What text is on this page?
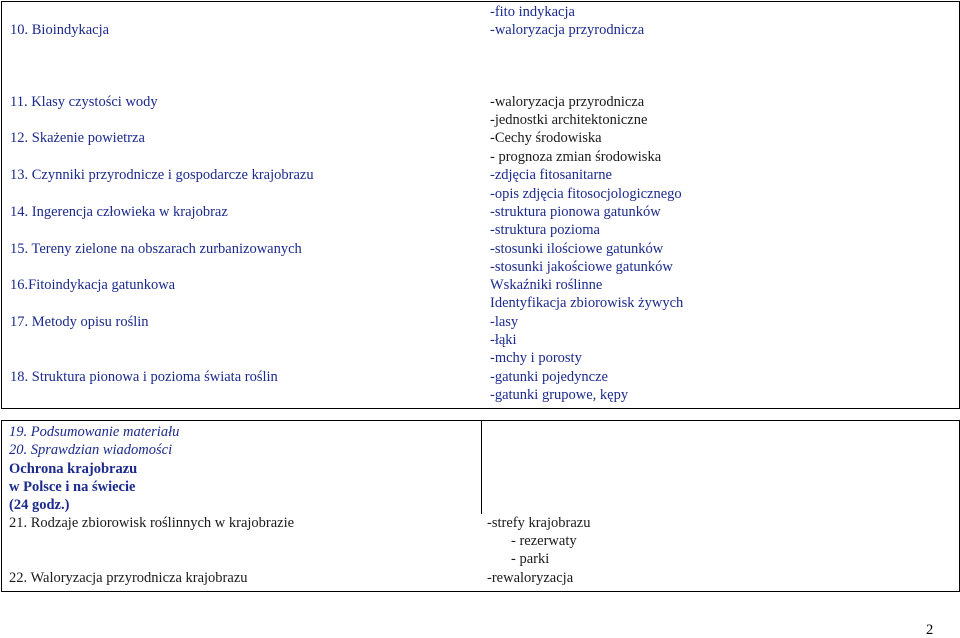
10. Bioindykacja
-fito indykacja
-waloryzacja przyrodnicza
11. Klasy czystości wody	-waloryzacja przyrodnicza
-jednostki architektoniczne
12. Skażenie powietrza	-Cechy środowiska
- prognoza zmian środowiska
13. Czynniki przyrodnicze i gospodarcze krajobrazu	-zdjęcia fitosanitarne
-opis zdjęcia fitosocjologicznego
14. Ingerencja człowieka w krajobraz	-struktura pionowa gatunków
-struktura pozioma
15. Tereny zielone na obszarach zurbanizowanych	-stosunki ilościowe gatunków
-stosunki jakościowe gatunków
16.Fitoindykacja gatunkowa	Wskaźniki roślinne
Identyfikacja zbiorowisk żywych
17. Metody opisu roślin	-lasy
-łąki
-mchy i porosty
18. Struktura pionowa i pozioma świata roślin	-gatunki pojedyncze
-gatunki grupowe, kępy
19. Podsumowanie materiału
20. Sprawdzian wiadomości
Ochrona krajobrazu
w Polsce i na świecie
(24 godz.)
21. Rodzaje zbiorowisk roślinnych w krajobrazie	-strefy krajobrazu
- rezerwaty
- parki
22. Waloryzacja przyrodnicza krajobrazu	-rewaloryzacja
2
